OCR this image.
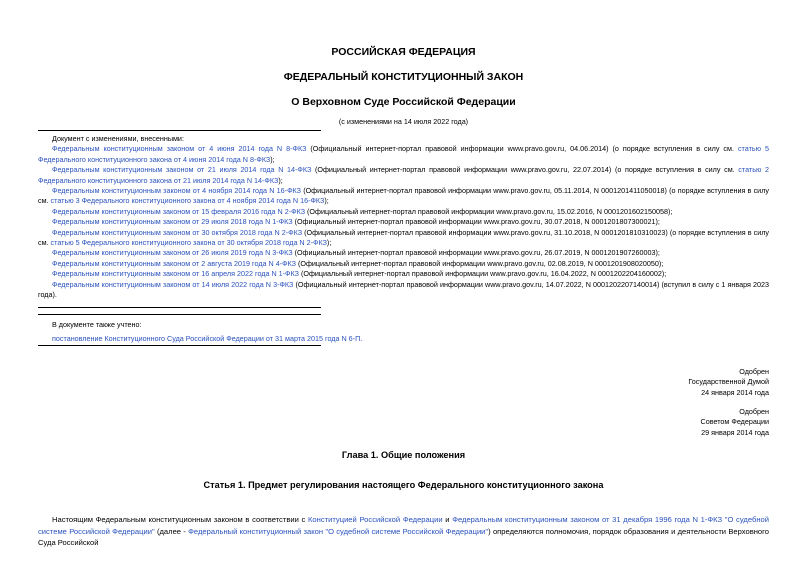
РОССИЙСКАЯ ФЕДЕРАЦИЯ
ФЕДЕРАЛЬНЫЙ КОНСТИТУЦИОННЫЙ ЗАКОН
О Верховном Суде Российской Федерации
(с изменениями на 14 июля 2022 года)
Документ с изменениями, внесенными:

Федеральным конституционным законом от 4 июня 2014 года N 8-ФКЗ (Официальный интернет-портал правовой информации www.pravo.gov.ru, 04.06.2014) (о порядке вступления в силу см. статью 5 Федерального конституционного закона от 4 июня 2014 года N 8-ФКЗ);

Федеральным конституционным законом от 21 июля 2014 года N 14-ФКЗ (Официальный интернет-портал правовой информации www.pravo.gov.ru, 22.07.2014) (о порядке вступления в силу см. статью 2 Федерального конституционного закона от 21 июля 2014 года N 14-ФКЗ);

Федеральным конституционным законом от 4 ноября 2014 года N 16-ФКЗ (Официальный интернет-портал правовой информации www.pravo.gov.ru, 05.11.2014, N 0001201411050018) (о порядке вступления в силу см. статью 3 Федерального конституционного закона от 4 ноября 2014 года N 16-ФКЗ);

Федеральным конституционным законом от 15 февраля 2016 года N 2-ФКЗ (Официальный интернет-портал правовой информации www.pravo.gov.ru, 15.02.2016, N 0001201602150058);

Федеральным конституционным законом от 29 июля 2018 года N 1-ФКЗ (Официальный интернет-портал правовой информации www.pravo.gov.ru, 30.07.2018, N 0001201807300021);

Федеральным конституционным законом от 30 октября 2018 года N 2-ФКЗ (Официальный интернет-портал правовой информации www.pravo.gov.ru, 31.10.2018, N 0001201810310023) (о порядке вступления в силу см. статью 5 Федерального конституционного закона от 30 октября 2018 года N 2-ФКЗ);

Федеральным конституционным законом от 26 июля 2019 года N 3-ФКЗ (Официальный интернет-портал правовой информации www.pravo.gov.ru, 26.07.2019, N 0001201907260003);

Федеральным конституционным законом от 2 августа 2019 года N 4-ФКЗ (Официальный интернет-портал правовой информации www.pravo.gov.ru, 02.08.2019, N 0001201908020050);

Федеральным конституционным законом от 16 апреля 2022 года N 1-ФКЗ (Официальный интернет-портал правовой информации www.pravo.gov.ru, 16.04.2022, N 0001202204160002);

Федеральным конституционным законом от 14 июля 2022 года N 3-ФКЗ (Официальный интернет-портал правовой информации www.pravo.gov.ru, 14.07.2022, N 0001202207140014) (вступил в силу с 1 января 2023 года).

В документе также учтено:
постановление Конституционного Суда Российской Федерации от 31 марта 2015 года N 6-П.
Одобрен
Государственной Думой
24 января 2014 года
Одобрен
Советом Федерации
29 января 2014 года
Глава 1. Общие положения
Статья 1. Предмет регулирования настоящего Федерального конституционного закона

Настоящим Федеральным конституционным законом в соответствии с Конституцией Российской Федерации и Федеральным конституционным законом от 31 декабря 1996 года N 1-ФКЗ "О судебной системе Российской Федерации" (далее - Федеральный конституционный закон "О судебной системе Российской Федерации") определяются полномочия, порядок образования и деятельности Верховного Суда Российской
